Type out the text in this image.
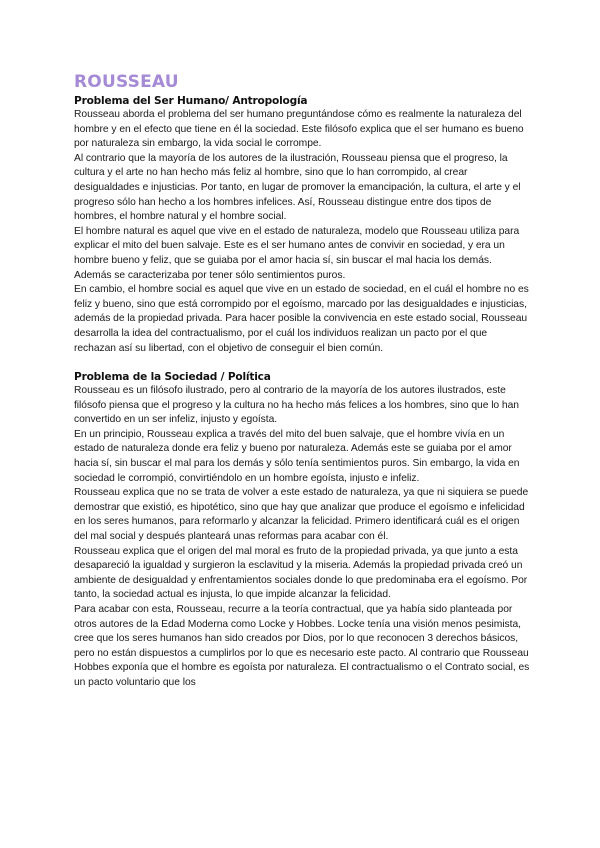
ROUSSEAU
Problema del Ser Humano/ Antropología

Rousseau aborda el problema del ser humano preguntándose cómo es realmente la naturaleza del hombre y en el efecto que tiene en él la sociedad. Este filósofo explica que el ser humano es bueno por naturaleza sin embargo, la vida social le corrompe.

Al contrario que la mayoría de los autores de la ilustración, Rousseau piensa que el progreso, la cultura y el arte no han hecho más feliz al hombre, sino que lo han corrompido, al crear desigualdades e injusticias. Por tanto, en lugar de promover la emancipación, la cultura, el arte y el progreso sólo han hecho a los hombres infelices. Así, Rousseau distingue entre dos tipos de hombres, el hombre natural y el hombre social.

El hombre natural es aquel que vive en el estado de naturaleza, modelo que Rousseau utiliza para explicar el mito del buen salvaje. Este es el ser humano antes de convivir en sociedad, y era un hombre bueno y feliz, que se guiaba por el amor hacia sí, sin buscar el mal hacia los demás. Además se caracterizaba por tener sólo sentimientos puros.

En cambio, el hombre social es aquel que vive en un estado de sociedad, en el cuál el hombre no es feliz y bueno, sino que está corrompido por el egoísmo, marcado por las desigualdades e injusticias, además de la propiedad privada. Para hacer posible la convivencia en este estado social, Rousseau desarrolla la idea del contractualismo, por el cuál los individuos realizan un pacto por el que rechazan así su libertad, con el objetivo de conseguir el bien común.

Problema de la Sociedad / Política

Rousseau es un filósofo ilustrado, pero al contrario de la mayoría de los autores ilustrados, este filósofo piensa que el progreso y la cultura no ha hecho más felices a los hombres, sino que lo han convertido en un ser infeliz, injusto y egoísta.

En un principio, Rousseau explica a través del mito del buen salvaje, que el hombre vivía en un estado de naturaleza donde era feliz y bueno por naturaleza. Además este se guiaba por el amor hacia sí, sin buscar el mal para los demás y sólo tenía sentimientos puros. Sin embargo, la vida en sociedad le corrompió, convirtiéndolo en un hombre egoísta, injusto e infeliz.

Rousseau explica que no se trata de volver a este estado de naturaleza, ya que ni siquiera se puede demostrar que existió, es hipotético, sino que hay que analizar que produce el egoísmo e infelicidad en los seres humanos, para reformarlo y alcanzar la felicidad. Primero identificará cuál es el origen del mal social y después planteará unas reformas para acabar con él.

Rousseau explica que el origen del mal moral es fruto de la propiedad privada, ya que junto a esta desapareció la igualdad y surgieron la esclavitud y la miseria. Además la propiedad privada creó un ambiente de desigualdad y enfrentamientos sociales donde lo que predominaba era el egoísmo. Por tanto, la sociedad actual es injusta, lo que impide alcanzar la felicidad.

Para acabar con esta, Rousseau, recurre a la teoría contractual, que ya había sido planteada por otros autores de la Edad Moderna como Locke y Hobbes. Locke tenía una visión menos pesimista, cree que los seres humanos han sido creados por Dios, por lo que reconocen 3 derechos básicos, pero no están dispuestos a cumplirlos por lo que es necesario este pacto. Al contrario que Rousseau Hobbes exponía que el hombre es egoísta por naturaleza. El contractualismo o el Contrato social, es un pacto voluntario que los
